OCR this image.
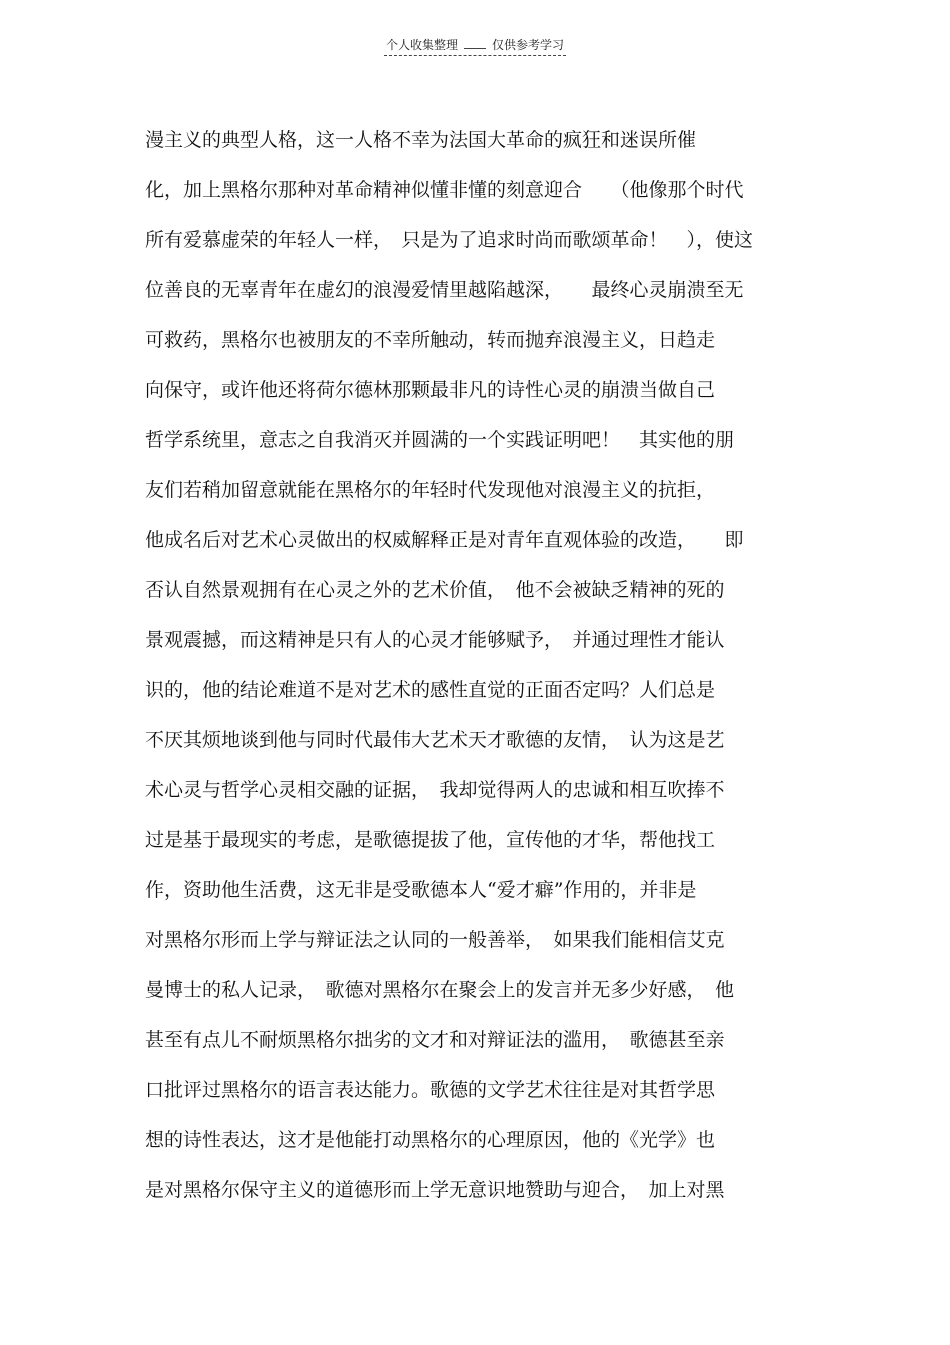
个人收集整理	仅供参考学习
漫主义的典型人格，这一人格不幸为法国大革命的疯狂和迷误所催
化，加上黑格尔那种对革命精神似懂非懂的刻意迎合　　（他像那个时代
所有爱慕虚荣的年轻人一样，　只是为了追求时尚而歌颂革命！　），使这
位善良的无辜青年在虚幻的浪漫爱情里越陷越深，　　最终心灵崩溃至无
可救药，黑格尔也被朋友的不幸所触动，转而抛弃浪漫主义，日趋走
向保守，或许他还将荷尔德林那颗最非凡的诗性心灵的崩溃当做自己
哲学系统里，意志之自我消灭并圆满的一个实践证明吧！　其实他的朋
友们若稍加留意就能在黑格尔的年轻时代发现他对浪漫主义的抗拒，
他成名后对艺术心灵做出的权威解释正是对青年直观体验的改造，　　即
否认自然景观拥有在心灵之外的艺术价值，　他不会被缺乏精神的死的
景观震撼，而这精神是只有人的心灵才能够赋予，　并通过理性才能认
识的，他的结论难道不是对艺术的感性直觉的正面否定吗？人们总是
不厌其烦地谈到他与同时代最伟大艺术天才歌德的友情，　认为这是艺
术心灵与哲学心灵相交融的证据，　我却觉得两人的忠诚和相互吹捧不
过是基于最现实的考虑，是歌德提拔了他，宣传他的才华，帮他找工
作，资助他生活费，这无非是受歌德本人“爱才癖”作用的，并非是
对黑格尔形而上学与辩证法之认同的一般善举，　如果我们能相信艾克
曼博士的私人记录，　歌德对黑格尔在聚会上的发言并无多少好感，　他
甚至有点儿不耐烦黑格尔拙劣的文才和对辩证法的滥用，　歌德甚至亲
口批评过黑格尔的语言表达能力。歌德的文学艺术往往是对其哲学思
想的诗性表达，这才是他能打动黑格尔的心理原因，他的《光学》也
是对黑格尔保守主义的道德形而上学无意识地赞助与迎合，　加上对黑
